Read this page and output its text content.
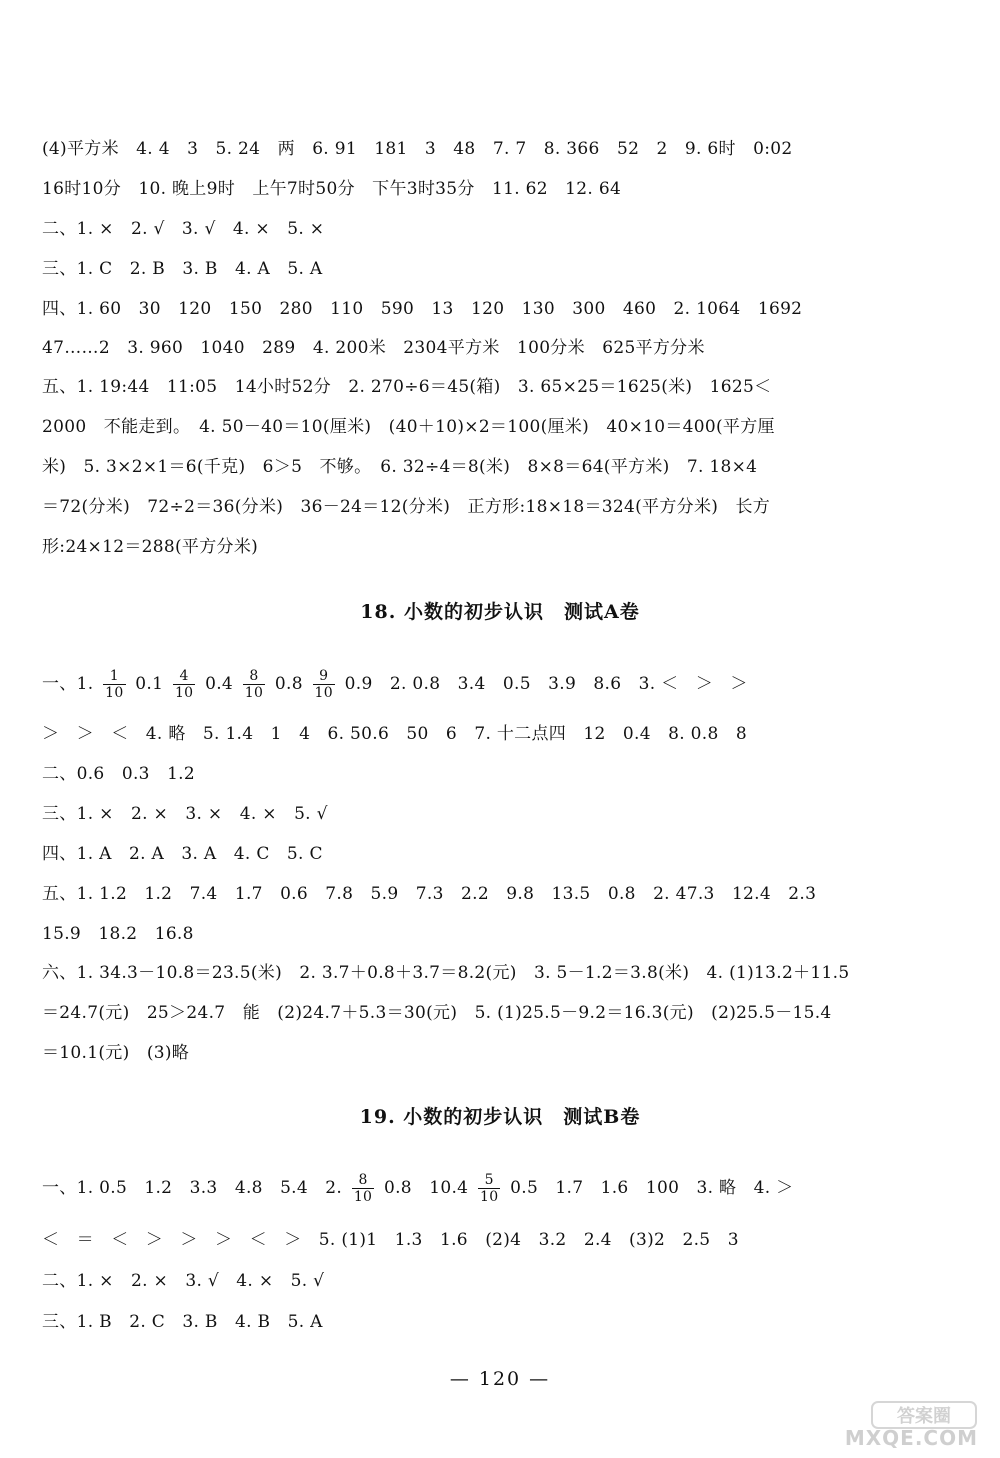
(4)平方米　4. 4　3　5. 24　两　6. 91　181　3　48　7. 7　8. 366　52　2　9. 6时　0:02
16时10分　10. 晚上9时　上午7时50分　下午3时35分　11. 62　12. 64
二、1. ×　2. √　3. √　4. ×　5. ×
三、1. C　2. B　3. B　4. A　5. A
四、1. 60　30　120　150　280　110　590　13　120　130　300　460　2. 1064　1692
47……2　3. 960　1040　289　4. 200米　2304平方米　100分米　625平方分米
五、1. 19:44　11:05　14小时52分　2. 270÷6＝45(箱)　3. 65×25＝1625(米)　1625＜
2000　不能走到。　4. 50－40＝10(厘米)　(40＋10)×2＝100(厘米)　40×10＝400(平方厘
米)　5. 3×2×1＝6(千克)　6＞5　不够。　6. 32÷4＝8(米)　8×8＝64(平方米)　7. 18×4
＝72(分米)　72÷2＝36(分米)　36－24＝12(分米)　正方形:18×18＝324(平方分米)　长方
形:24×12＝288(平方分米)
18. 小数的初步认识　测试A卷
一、1. $\frac{1}{10} 0.1 \frac{4}{10} 0.4 \frac{8}{10} 0.8 \frac{9}{10} 0.9$　2. 0.8　3.4　0.5　3.9　8.6　3. ＜　＞　＞
＞　＞　＜　4. 略　5. 1.4　1　4　6. 50.6　50　6　7. 十二点四　12　0.4　8. 0.8　8
二、0.6　0.3　1.2
三、1. ×　2. ×　3. ×　4. ×　5. √
四、1. A　2. A　3. A　4. C　5. C
五、1. 1.2　1.2　7.4　1.7　0.6　7.8　5.9　7.3　2.2　9.8　13.5　0.8　2. 47.3　12.4　2.3
15.9　18.2　16.8
六、1. 34.3－10.8＝23.5(米)　2. 3.7＋0.8＋3.7＝8.2(元)　3. 5－1.2＝3.8(米)　4. (1)13.2＋11.5
＝24.7(元)　25＞24.7　能　(2)24.7＋5.3＝30(元)　5. (1)25.5－9.2＝16.3(元)　(2)25.5－15.4
＝10.1(元)　(3)略
19. 小数的初步认识　测试B卷
一、1. 0.5　1.2　3.3　4.8　5.4　2. $\frac{8}{10} 0.8$　$10.4 \frac{5}{10} 0.5$　1.7　1.6　100　3. 略　4. ＞
＜　＝　＜　＞　＞　＞　＜　＞　5. (1)1　1.3　1.6　(2)4　3.2　2.4　(3)2　2.5　3
二、1. ×　2. ×　3. √　4. ×　5. √
三、1. B　2. C　3. B　4. B　5. A
— 120 —
答案圈
MXQE.COM
